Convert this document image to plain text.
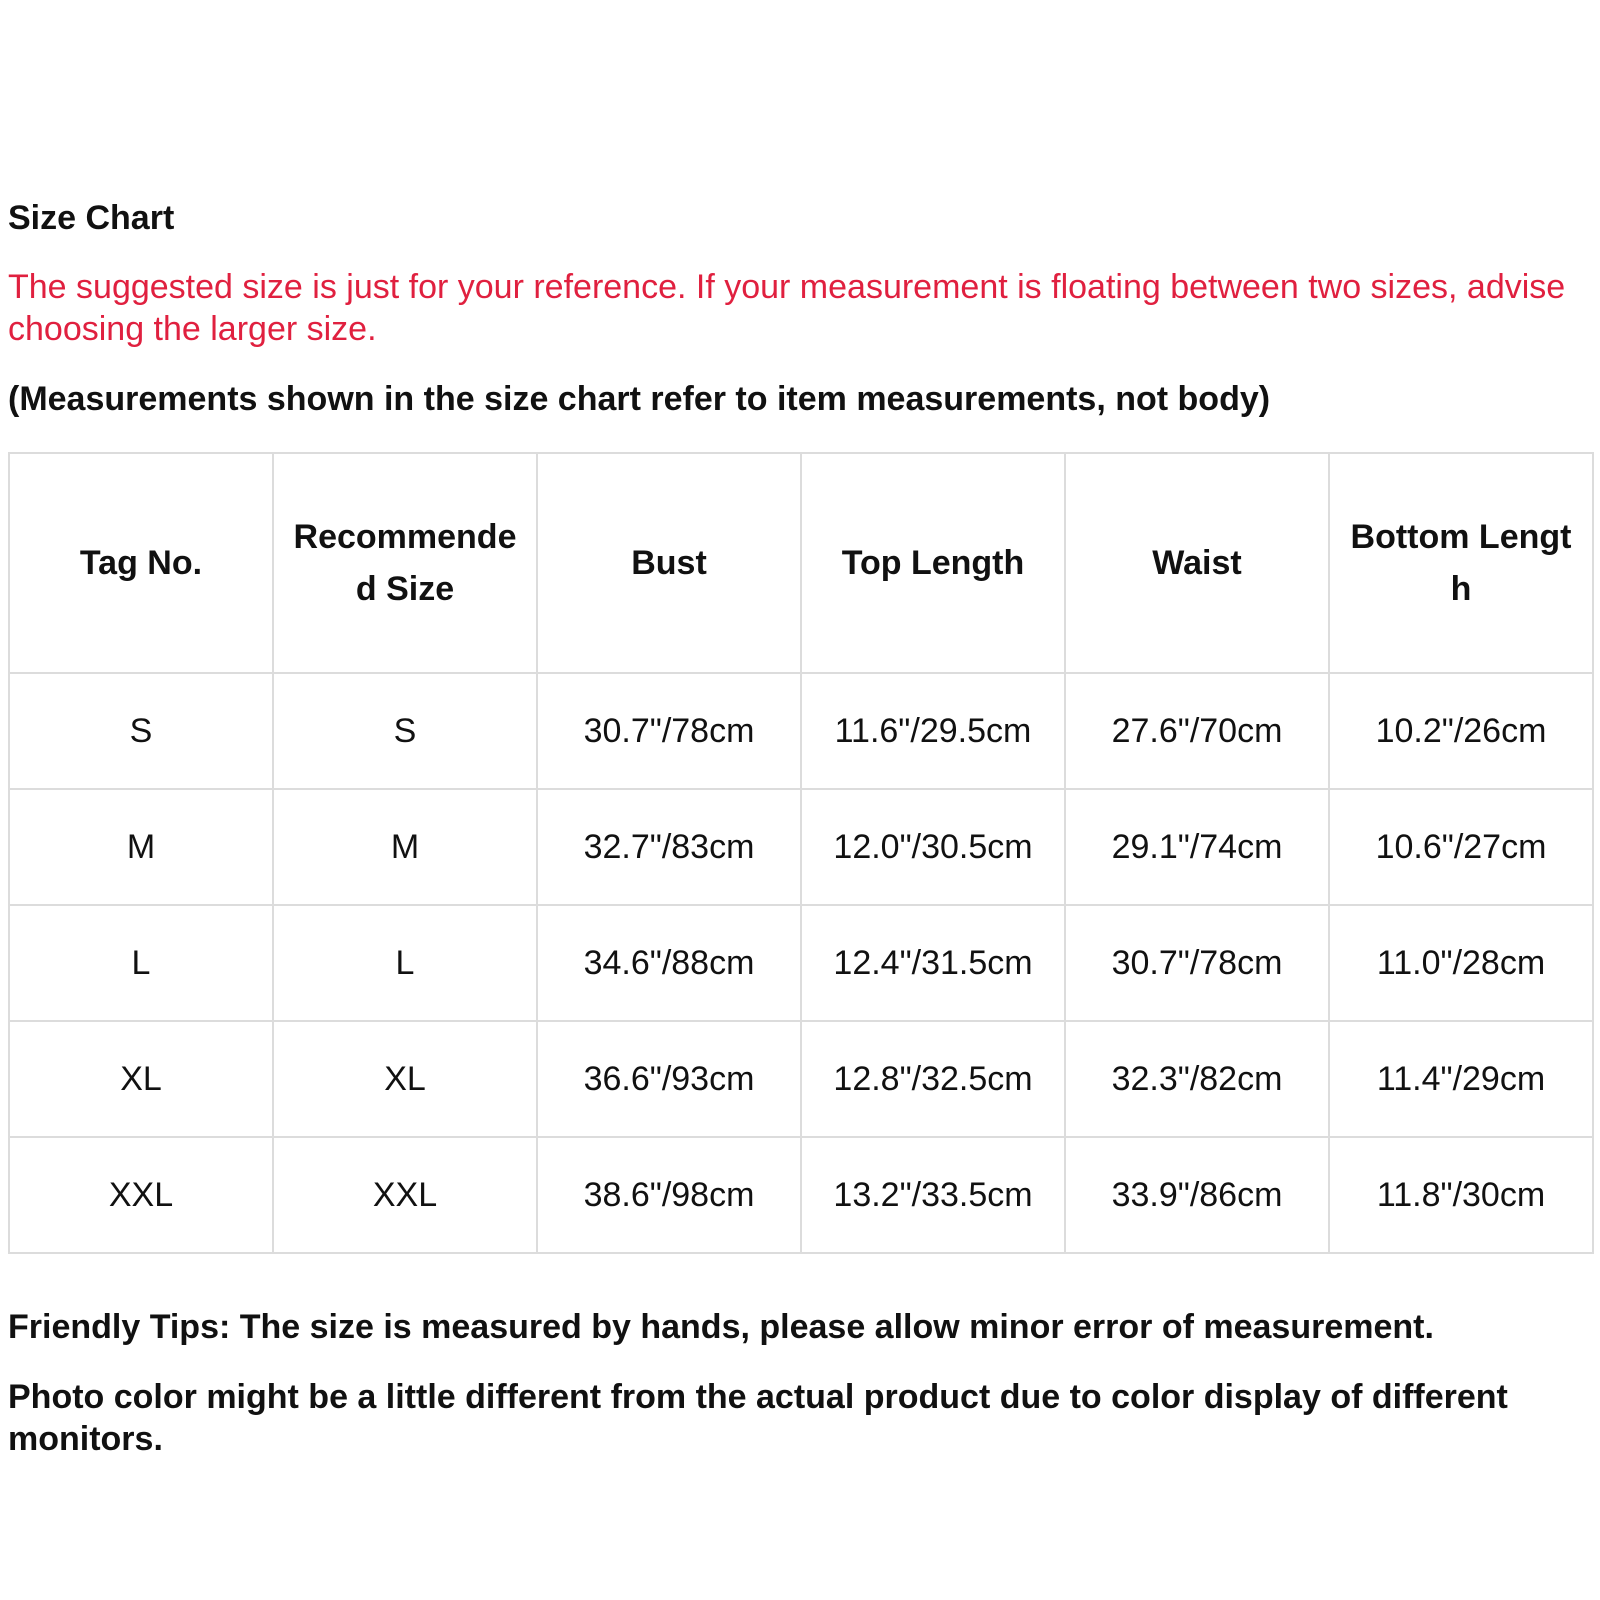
Size Chart

The suggested size is just for your reference. If your measurement is floating between two sizes, advise choosing the larger size.

(Measurements shown in the size chart refer to item measurements, not body)

Tag No.	Recommended Size	Bust	Top Length	Waist	Bottom Length
S	S	30.7"/78cm	11.6"/29.5cm	27.6"/70cm	10.2"/26cm
M	M	32.7"/83cm	12.0"/30.5cm	29.1"/74cm	10.6"/27cm
L	L	34.6"/88cm	12.4"/31.5cm	30.7"/78cm	11.0"/28cm
XL	XL	36.6"/93cm	12.8"/32.5cm	32.3"/82cm	11.4"/29cm
XXL	XXL	38.6"/98cm	13.2"/33.5cm	33.9"/86cm	11.8"/30cm

Friendly Tips: The size is measured by hands, please allow minor error of measurement.

Photo color might be a little different from the actual product due to color display of different monitors.
